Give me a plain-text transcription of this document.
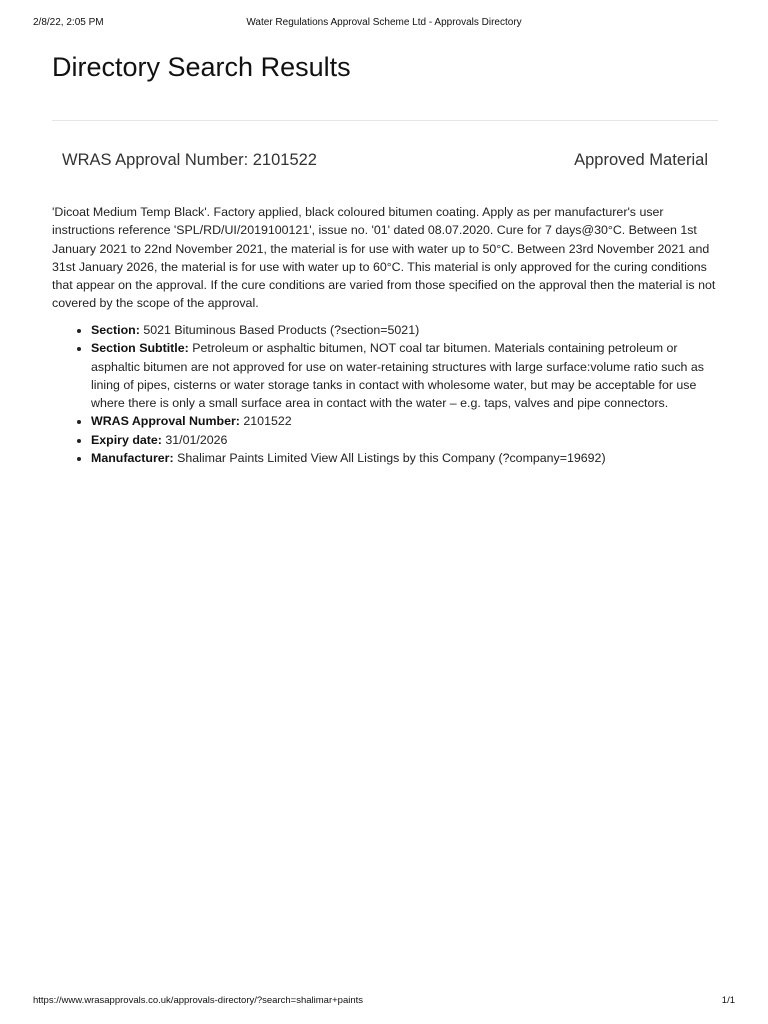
2/8/22, 2:05 PM	Water Regulations Approval Scheme Ltd - Approvals Directory
Directory Search Results
WRAS Approval Number: 2101522	Approved Material

'Dicoat Medium Temp Black'. Factory applied, black coloured bitumen coating. Apply as per manufacturer's user instructions reference 'SPL/RD/UI/2019100121', issue no. '01' dated 08.07.2020. Cure for 7 days@30°C. Between 1st January 2021 to 22nd November 2021, the material is for use with water up to 50°C. Between 23rd November 2021 and 31st January 2026, the material is for use with water up to 60°C. This material is only approved for the curing conditions that appear on the approval. If the cure conditions are varied from those specified on the approval then the material is not covered by the scope of the approval.

• Section: 5021 Bituminous Based Products (?section=5021)
• Section Subtitle: Petroleum or asphaltic bitumen, NOT coal tar bitumen. Materials containing petroleum or asphaltic bitumen are not approved for use on water-retaining structures with large surface:volume ratio such as lining of pipes, cisterns or water storage tanks in contact with wholesome water, but may be acceptable for use where there is only a small surface area in contact with the water – e.g. taps, valves and pipe connectors.
• WRAS Approval Number: 2101522
• Expiry date: 31/01/2026
• Manufacturer: Shalimar Paints Limited View All Listings by this Company (?company=19692)
https://www.wrasapprovals.co.uk/approvals-directory/?search=shalimar+paints	1/1
